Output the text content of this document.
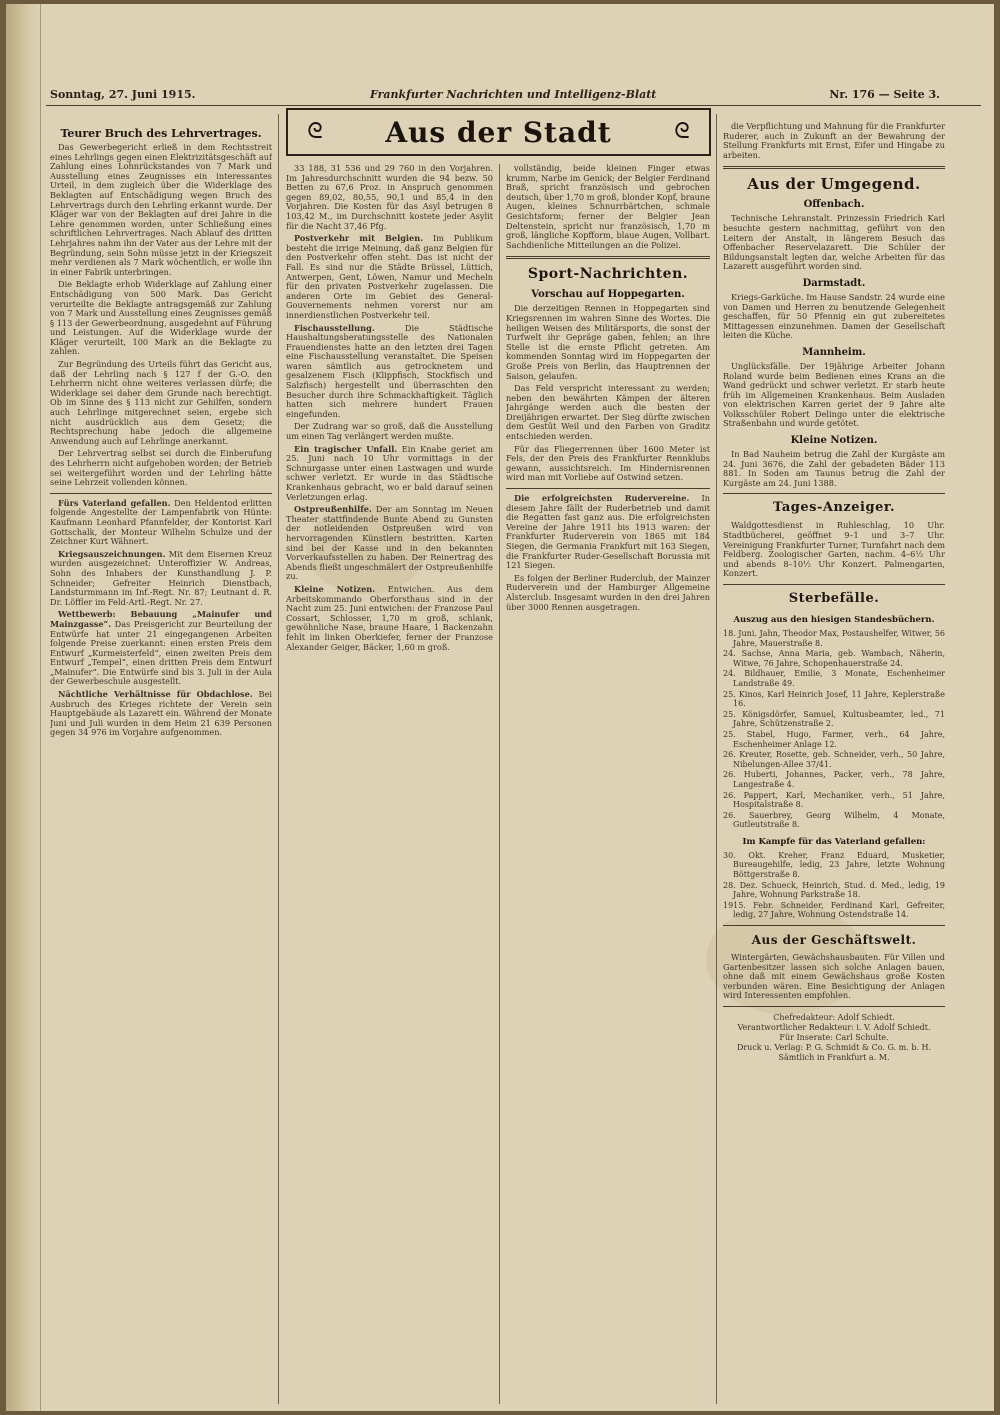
Sonntag, 27. Juni 1915.	Frankfurter Nachrichten und Intelligenz-Blatt	Nr. 176 — Seite 3.
ᘓ	Aus der Stadt	ᘓ
Teurer Bruch des Lehrvertrages.

Das Gewerbegericht erließ in dem Rechtsstreit eines Lehrlings gegen einen Elektrizitätsgeschäft auf Zahlung eines Lohnrückstandes von 7 Mark und Ausstellung eines Zeugnisses ein interessantes Urteil, in dem zugleich über die Widerklage des Beklagten auf Entschädigung wegen Bruch des Lehrvertrags durch den Lehrling erkannt wurde. Der Kläger war von der Beklagten auf drei Jahre in die Lehre genommen worden, unter Schließung eines schriftlichen Lehrvertrages. Nach Ablauf des dritten Lehrjahres nahm ihn der Vater aus der Lehre mit der Begründung, sein Sohn müsse jetzt in der Kriegszeit mehr verdienen als 7 Mark wöchentlich, er wolle ihn in einer Fabrik unterbringen.

Die Beklagte erhob Widerklage auf Zahlung einer Entschädigung von 500 Mark. Das Gericht verurteilte die Beklagte antragsgemäß zur Zahlung von 7 Mark und Ausstellung eines Zeugnisses gemäß § 113 der Gewerbeordnung, ausgedehnt auf Führung und Leistungen. Auf die Widerklage wurde der Kläger verurteilt, 100 Mark an die Beklagte zu zahlen.

Zur Begründung des Urteils führt das Gericht aus, daß der Lehrling nach § 127 f der G.-O. den Lehrherrn nicht ohne weiteres verlassen dürfe; die Widerklage sei daher dem Grunde nach berechtigt. Ob im Sinne des § 113 nicht zur Gehilfen, sondern auch Lehrlinge mitgerechnet seien, ergebe sich nicht ausdrücklich aus dem Gesetz; die Rechtsprechung habe jedoch die allgemeine Anwendung auch auf Lehrlinge anerkannt.

Der Lehrvertrag selbst sei durch die Einberufung des Lehrherrn nicht aufgehoben worden; der Betrieb sei weitergeführt worden und der Lehrling hätte seine Lehrzeit vollenden können.

Fürs Vaterland gefallen. Den Heldentod erlitten folgende Angestellte der Lampenfabrik von Hünte: Kaufmann Leonhard Pfannfelder, der Kontorist Karl Gottschalk, der Monteur Wilhelm Schulze und der Zeichner Kurt Wähnert.

Kriegsauszeichnungen. Mit dem Eisernen Kreuz wurden ausgezeichnet: Unteroffizier W. Andreas, Sohn des Inhabers der Kunsthandlung J. P. Schneider; Gefreiter Heinrich Dienstbach, Landsturmmann im Inf.-Regt. Nr. 87; Leutnant d. R. Dr. Löffler im Feld-Artl.-Regt. Nr. 27.

Wettbewerb: Bebauung „Mainufer und Mainzgasse“. Das Preisgericht zur Beurteilung der Entwürfe hat unter 21 eingegangenen Arbeiten folgende Preise zuerkannt: einen ersten Preis dem Entwurf „Kurmeisterfeld“, einen zweiten Preis dem Entwurf „Tempel“, einen dritten Preis dem Entwurf „Mainufer“. Die Entwürfe sind bis 3. Juli in der Aula der Gewerbeschule ausgestellt.

Nächtliche Verhältnisse für Obdachlose. Bei Ausbruch des Krieges richtete der Verein sein Hauptgebäude als Lazarett ein. Während der Monate Juni und Juli wurden in dem Heim 21 639 Personen gegen 34 976 im Vorjahre aufgenommen.

33 188, 31 536 und 29 760 in den Vorjahren. Im Jahresdurchschnitt wurden die 94 bezw. 50 Betten zu 67,6 Proz. in Anspruch genommen gegen 89,02, 80,55, 90,1 und 85,4 in den Vorjahren. Die Kosten für das Asyl betrugen 8 103,42 M., im Durchschnitt kostete jeder Asylit für die Nacht 37,46 Pfg.

Postverkehr mit Belgien. Im Publikum besteht die irrige Meinung, daß ganz Belgien für den Postverkehr offen steht. Das ist nicht der Fall. Es sind nur die Städte Brüssel, Lüttich, Antwerpen, Gent, Löwen, Namur und Mecheln für den privaten Postverkehr zugelassen. Die anderen Orte im Gebiet des General-Gouvernements nehmen vorerst nur am innerdienstlichen Postverkehr teil.

Fischausstellung.	Die Städtische Haushaltungsberatungsstelle des Nationalen Frauendienstes hatte an den letzten drei Tagen eine Fischausstellung veranstaltet. Die Speisen waren sämtlich aus getrocknetem und gesalzenem Fisch (Klippfisch, Stockfisch und Salzfisch) hergestellt und überraschten den Besucher durch ihre Schmackhaftigkeit. Täglich hatten sich mehrere hundert Frauen eingefunden.

Der Zudrang war so groß, daß die Ausstellung um einen Tag verlängert werden mußte.

Ein tragischer Unfall. Ein Knabe geriet am 25. Juni nach 10 Uhr vormittags in der Schnurgasse unter einen Lastwagen und wurde schwer verletzt. Er wurde in das Städtische Krankenhaus gebracht, wo er bald darauf seinen Verletzungen erlag.

Ostpreußenhilfe. Der am Sonntag im Neuen Theater stattfindende Bunte Abend zu Gunsten der notleidenden Ostpreußen wird von hervorragenden Künstlern bestritten. Karten sind bei der Kasse und in den bekannten Vorverkaufsstellen zu haben. Der Reinertrag des Abends fließt ungeschmälert der Ostpreußenhilfe zu.

Kleine Notizen. Entwichen. Aus dem Arbeitskommando Oberforsthaus sind in der Nacht zum 25. Juni entwichen: der Franzose Paul Cossart, Schlosser, 1,70 m groß, schlank, gewöhnliche Nase, braune Haare, 1 Backenzahn fehlt im linken Oberkiefer, ferner der Franzose Alexander Geiger, Bäcker, 1,60 m groß.

vollständig, beide kleinen Finger etwas krumm, Narbe im Genick; der Belgier Ferdinand Braß, spricht französisch und gebrochen deutsch, über 1,70 m groß, blonder Kopf, braune Augen, kleines Schnurrbärtchen, schmale Gesichtsform; ferner der Belgier Jean Deltenstein, spricht nur französisch, 1,70 m groß, längliche Kopfform, blaue Augen, Vollbart. Sachdienliche Mitteilungen an die Polizei.

Sport-Nachrichten.
Vorschau auf Hoppegarten.

Die derzeitigen Rennen in Hoppegarten sind Kriegsrennen im wahren Sinne des Wortes. Die heiligen Weisen des Militärsports, die sonst der Turfwelt ihr Gepräge gaben, fehlen; an ihre Stelle ist die ernste Pflicht getreten. Am kommenden Sonntag wird im Hoppegarten der Große Preis von Berlin, das Hauptrennen der Saison, gelaufen.

Das Feld verspricht interessant zu werden; neben den bewährten Kämpen der älteren Jahrgänge werden auch die besten der Dreijährigen erwartet. Der Sieg dürfte zwischen dem Gestüt Weil und den Farben von Graditz entschieden werden.

Für das Fliegerrennen über 1600 Meter ist Fels, der den Preis des Frankfurter Rennklubs gewann, aussichtsreich. Im Hindernisrennen wird man mit Vorliebe auf Ostwind setzen.

Die erfolgreichsten Rudervereine. In diesem Jahre fällt der Ruderbetrieb und damit die Regatten fast ganz aus. Die erfolgreichsten Vereine der Jahre 1911 bis 1913 waren: der Frankfurter Ruderverein von 1865 mit 184 Siegen, die Germania Frankfurt mit 163 Siegen, die Frankfurter Ruder-Gesellschaft Borussia mit 121 Siegen.

Es folgen der Berliner Ruderclub, der Mainzer Ruderverein und der Hamburger Allgemeine Alsterclub. Insgesamt wurden in den drei Jahren über 3000 Rennen ausgetragen.

die Verpflichtung und Mahnung für die Frankfurter Ruderer, auch in Zukunft an der Bewahrung der Stellung Frankfurts mit Ernst, Eifer und Hingabe zu arbeiten.

Aus der Umgegend.
Offenbach.

Technische Lehranstalt. Prinzessin Friedrich Karl besuchte gestern nachmittag, geführt von den Leitern der Anstalt, in längerem Besuch das Offenbacher Reservelazarett. Die Schüler der Bildungsanstalt legten dar, welche Arbeiten für das Lazarett ausgeführt worden sind.

Darmstadt.

Kriegs-Garküche. Im Hause Sandstr. 24 wurde eine von Damen und Herren zu benutzende Gelegenheit geschaffen, für 50 Pfennig ein gut zubereitetes Mittagessen einzunehmen. Damen der Gesellschaft leiten die Küche.

Mannheim.

Unglücksfälle. Der 19jährige Arbeiter Johann Roland wurde beim Bedienen eines Krans an die Wand gedrückt und schwer verletzt. Er starb heute früh im Allgemeinen Krankenhaus. Beim Ausladen von elektrischen Karren geriet der 9 Jahre alte Volksschüler Robert Delingo unter die elektrische Straßenbahn und wurde getötet.

Kleine Notizen.

In Bad Nauheim betrug die Zahl der Kurgäste am 24. Juni 3676, die Zahl der gebadeten Bäder 113 881. In Soden am Taunus betrug die Zahl der Kurgäste am 24. Juni 1388.

Tages-Anzeiger.

Waldgottesdienst in Ruhleschlag, 10 Uhr. Stadtbücherei, geöffnet 9–1 und 3–7 Uhr. Vereinigung Frankfurter Turner, Turnfahrt nach dem Feldberg. Zoologischer Garten, nachm. 4–6½ Uhr und abends 8–10½ Uhr Konzert. Palmengarten, Konzert.

Sterbefälle.
Auszug aus den hiesigen Standesbüchern.
18. Juni. Jahn, Theodor Max, Postaushelfer, Witwer, 56 Jahre, Mauerstraße 8.
24. Sachse, Anna Maria, geb. Wambach, Näherin, Witwe, 76 Jahre, Schopenhauerstraße 24.
24. Bildhauer, Emilie, 3 Monate, Eschenheimer Landstraße 49.
25. Kinos, Karl Heinrich Josef, 11 Jahre, Keplerstraße 16.
25. Königsdörfer, Samuel, Kultusbeamter, led., 71 Jahre, Schützenstraße 2.
25. Stabel, Hugo, Farmer, verh., 64 Jahre, Eschenheimer Anlage 12.
26. Kreuter, Rosette, geb. Schneider, verh., 50 Jahre, Nibelungen-Allee 37/41.
26. Huberti, Johannes, Packer, verh., 78 Jahre, Langestraße 4.
26. Pappert, Karl, Mechaniker, verh., 51 Jahre, Hospitalstraße 8.
26. Sauerbrey, Georg Wilhelm, 4 Monate, Gutleutstraße 8.
Im Kampfe für das Vaterland gefallen:
30. Okt. Kreher, Franz Eduard, Musketier, Bureaugehilfe, ledig, 23 Jahre, letzte Wohnung Böttgerstraße 8.
28. Dez. Schueck, Heinrich, Stud. d. Med., ledig, 19 Jahre, Wohnung Parkstraße 18.
1915. Febr. Schneider, Ferdinand Karl, Gefreiter, ledig, 27 Jahre, Wohnung Ostendstraße 14.
Aus der Geschäftswelt.

Wintergärten, Gewächshausbauten. Für Villen und Gartenbesitzer lassen sich solche Anlagen bauen, ohne daß mit einem Gewächshaus große Kosten verbunden wären. Eine Besichtigung der Anlagen wird Interessenten empfohlen.

Chefredakteur: Adolf Schiedt.
Verantwortlicher Redakteur: i. V. Adolf Schiedt.
Für Inserate: Carl Schulte.
Druck u. Verlag: P. G. Schmidt & Co. G. m. b. H.
Sämtlich in Frankfurt a. M.
